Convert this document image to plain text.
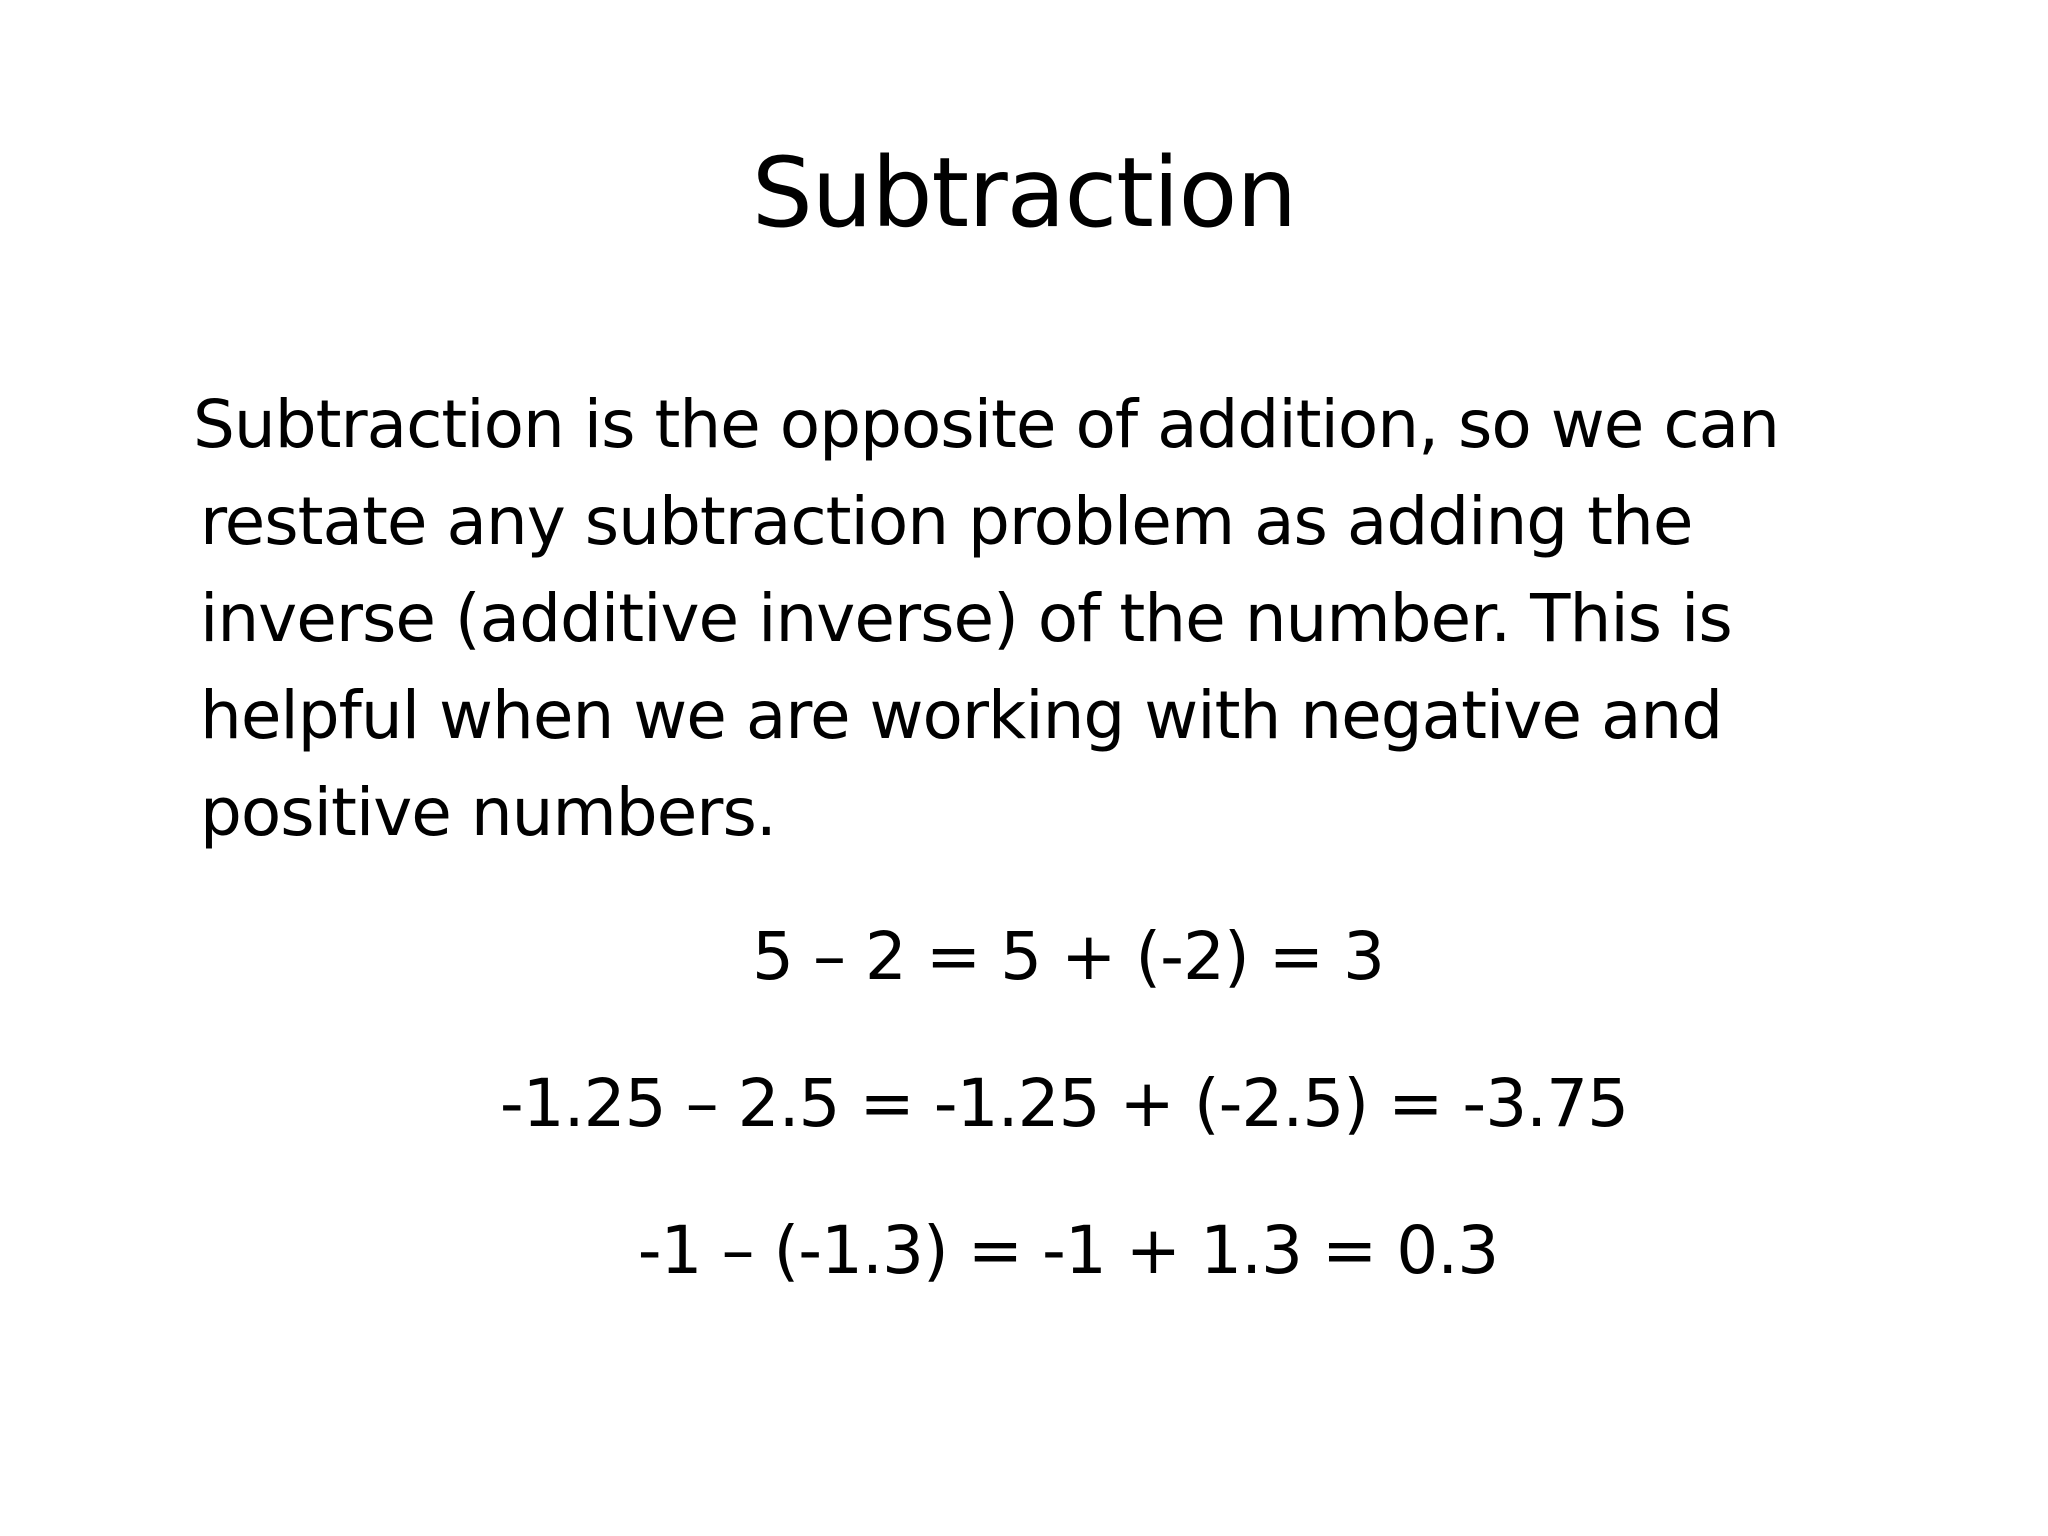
Subtraction

Subtraction is the opposite of addition, so we can
restate any subtraction problem as adding the
inverse (additive inverse) of the number. This is
helpful when we are working with negative and
positive numbers.

5 – 2 = 5 + (-2) = 3
-1.25 – 2.5 = -1.25 + (-2.5) = -3.75
-1 – (-1.3) = -1 + 1.3 = 0.3
